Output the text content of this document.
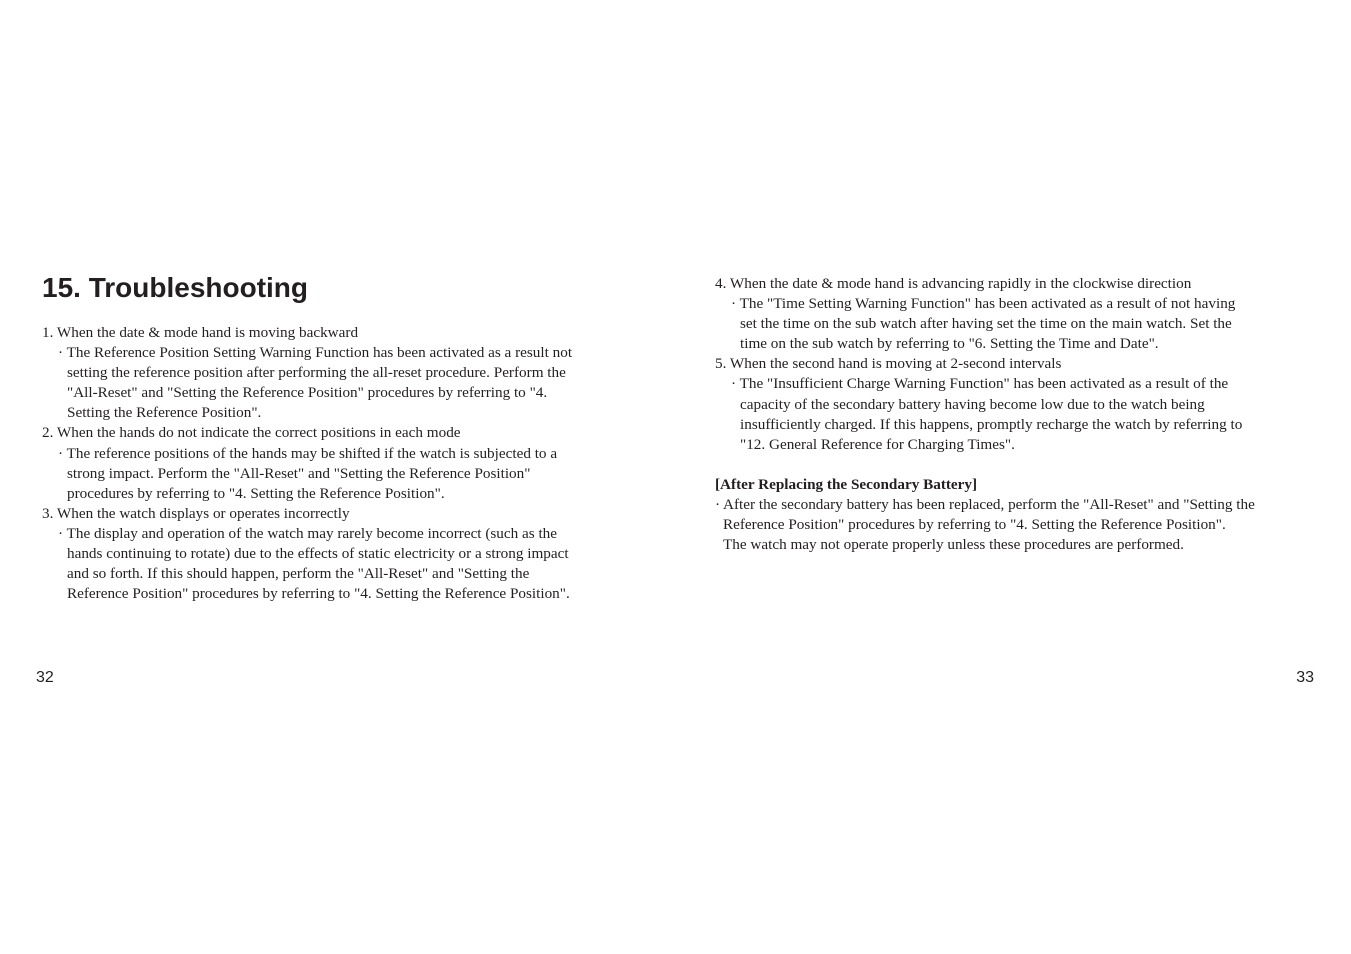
15. Troubleshooting

1. When the date & mode hand is moving backward

· The Reference Position Setting Warning Function has been activated as a result not
setting the reference position after performing the all-reset procedure. Perform the
"All-Reset" and "Setting the Reference Position" procedures by referring to "4.
Setting the Reference Position".

2. When the hands do not indicate the correct positions in each mode

· The reference positions of the hands may be shifted if the watch is subjected to a
strong impact. Perform the "All-Reset" and "Setting the Reference Position"
procedures by referring to "4. Setting the Reference Position".

3. When the watch displays or operates incorrectly

· The display and operation of the watch may rarely become incorrect (such as the
hands continuing to rotate) due to the effects of static electricity or a strong impact
and so forth. If this should happen, perform the "All-Reset" and "Setting the
Reference Position" procedures by referring to "4. Setting the Reference Position".
32

4. When the date & mode hand is advancing rapidly in the clockwise direction

· The "Time Setting Warning Function" has been activated as a result of not having
set the time on the sub watch after having set the time on the main watch. Set the
time on the sub watch by referring to "6. Setting the Time and Date".

5. When the second hand is moving at 2-second intervals

· The "Insufficient Charge Warning Function" has been activated as a result of the
capacity of the secondary battery having become low due to the watch being
insufficiently charged. If this happens, promptly recharge the watch by referring to
"12. General Reference for Charging Times".

[After Replacing the Secondary Battery]

· After the secondary battery has been replaced, perform the "All-Reset" and "Setting the
Reference Position" procedures by referring to "4. Setting the Reference Position".
The watch may not operate properly unless these procedures are performed.
33
